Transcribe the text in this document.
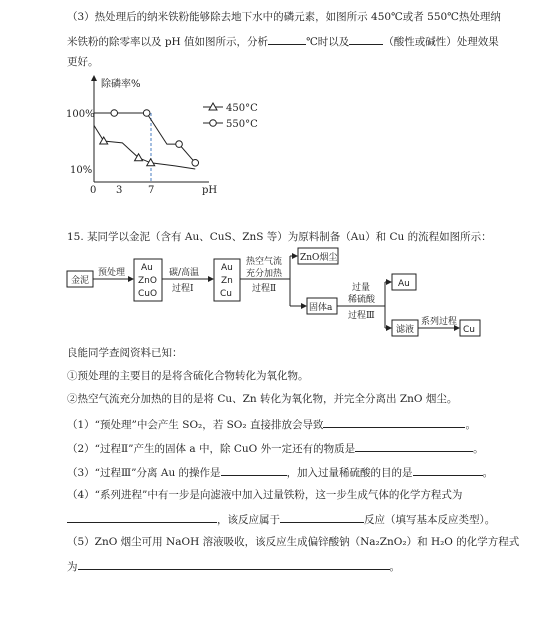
（3）热处理后的纳米铁粉能够除去地下水中的磷元素，如图所示 450℃或者 550℃热处理纳
米铁粉的除零率以及 pH 值如图所示，分析	℃时以及	（酸性或碱性）处理效果
更好。
除磷率%
pH
100%
10%
0 3	7
450°C
550°C
15. 某同学以金泥（含有 Au、CuS、ZnS 等）为原料制备（Au）和 Cu 的流程如图所示：
金泥
预处理 Au
ZnO
CuO
碳/高温
过程Ⅰ
Au
Zn
Cu
热空气流
充分加热
过程Ⅱ
ZnO烟尘
固体a
过量
稀硫酸
过程Ⅲ
Au
滤液
系列过程
Cu
良能同学查阅资料已知：
①预处理的主要目的是将含硫化合物转化为氧化物。
②热空气流充分加热的目的是将 Cu、Zn 转化为氧化物，并完全分离出 ZnO 烟尘。
（1）“预处理”中会产生 SO₂，若 SO₂ 直接排放会导致	。
（2）“过程Ⅱ”产生的固体 a 中，除 CuO 外一定还有的物质是	。
（3）“过程Ⅲ”分离 Au 的操作是	，加入过量稀硫酸的目的是	。
（4）“系列进程”中有一步是向滤液中加入过量铁粉，这一步生成气体的化学方程式为
，该反应属于	反应（填写基本反应类型）。
（5）ZnO 烟尘可用 NaOH 溶液吸收，该反应生成偏锌酸钠（Na₂ZnO₂）和 H₂O 的化学方程式
为	。
